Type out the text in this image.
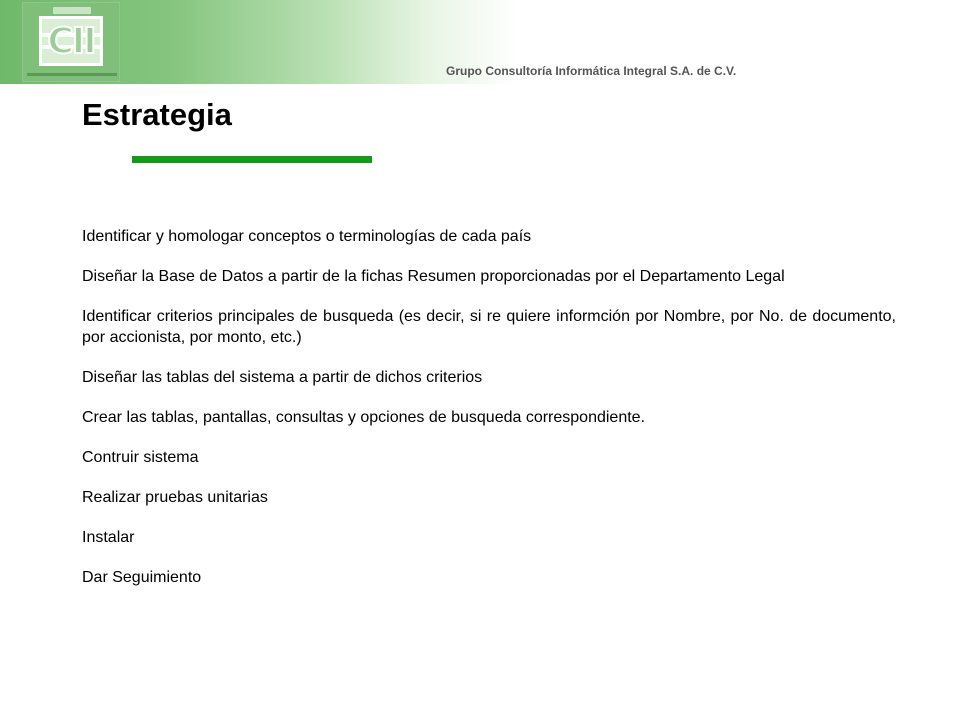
CII
Grupo Consultoría Informática Integral S.A. de C.V.
Estrategia
Identificar y homologar conceptos o terminologías de cada país
Diseñar la Base de Datos a partir de la fichas Resumen proporcionadas por el Departamento Legal
Identificar criterios principales de busqueda (es decir, si re quiere informción por Nombre, por No. de documento, por accionista, por monto, etc.)
Diseñar las tablas del sistema a partir de dichos criterios
Crear las tablas, pantallas, consultas y opciones de busqueda correspondiente.
Contruir sistema
Realizar pruebas unitarias
Instalar
Dar Seguimiento
